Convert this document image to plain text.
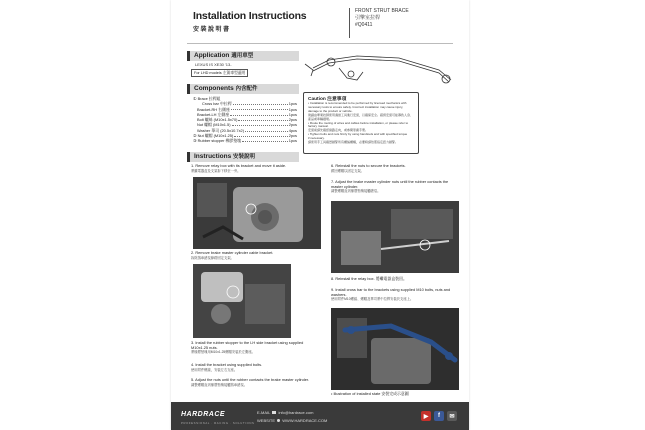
Installation Instructions
安裝說明書
FRONT STRUT BRACE
引擎室拉桿
#Q0411
Application 適用車型
LEXUS IS XE30 '13-
For LHD models 左駕車型適用
Components 內含配件
① Brace 拉桿組
Cross bar 中拉桿	1pcs
Bracket-RH 右側座	1pcs
Bracket-LH 左側座	1pcs
Bolt 螺絲 (M10x1.5x70)	2pcs
Nut 螺帽 (M10x1.5)	2pcs
Washer 華司 (20.5x10.7x2)	4pcs
② Nut 螺帽 (M10x1.25)	2pcs
③ Rubber stopper 橡膠墊塊	1pcs
Caution 注意事項
• Installation is recommended to be performed by licensed mechanics with
necessary tools to ensure safety. Incorrect installation may cause injury,
damage to the product or vehicle.
建議由專業技師使用適當工具進行安裝，以確保安全。錯誤安裝可能導致人身、產品或車輛損壞。
• Route the routing of wires and cables before installation, or please refer to
factory manual.
安裝前請先確認線路走向，或參閱原廠手冊。
• Tighten bolts and nuts firmly by using handtools and with specified torque
if necessary.
請使用手工具確實鎖緊所有螺絲螺帽，必要時請依照指定扭力鎖緊。
Instructions 安裝說明
1. Remove relay box with its bracket and move it aside.
將繼電器盒及支架拆下移至一旁。
2. Remove brake master cylinder cable bracket.
拆除煞車總泵線路固定支架。
3. Install the rubber stopper to the LH side bracket using supplied M10x1.25 nuts.
將橡膠墊塊用M10x1.25螺帽安裝於左側座。
4. Install the bracket using supplied bolts.
使用附件螺絲，安裝左右支座。
5. Adjust the nuts until the rubber contacts the brake master cylinder.
調整螺帽直到橡膠墊塊接觸煞車總泵。
6. Reinstall the nuts to secure the brackets.
鎖回螺帽以固定支架。
7. Adjust the brake master cylinder nuts until the rubber contacts the master cylinder.
調整螺帽直到橡膠墊塊接觸總泵。
8. Reinstall the relay box. 將繼電器盒裝回。
9. Install cross bar to the brackets using supplied M10 bolts, nuts and washers.
使用附件M10螺絲、螺帽及華司將中拉桿安裝於支座上。
• Illustration of installed state 安裝完成示意圖
HARDRACE
PROFESSIONAL · RACING · SOLUTIONS
E-MAIL info@hardrace.com
WEBSITE WWW.HARDRACE.COM
▶	f	✉
